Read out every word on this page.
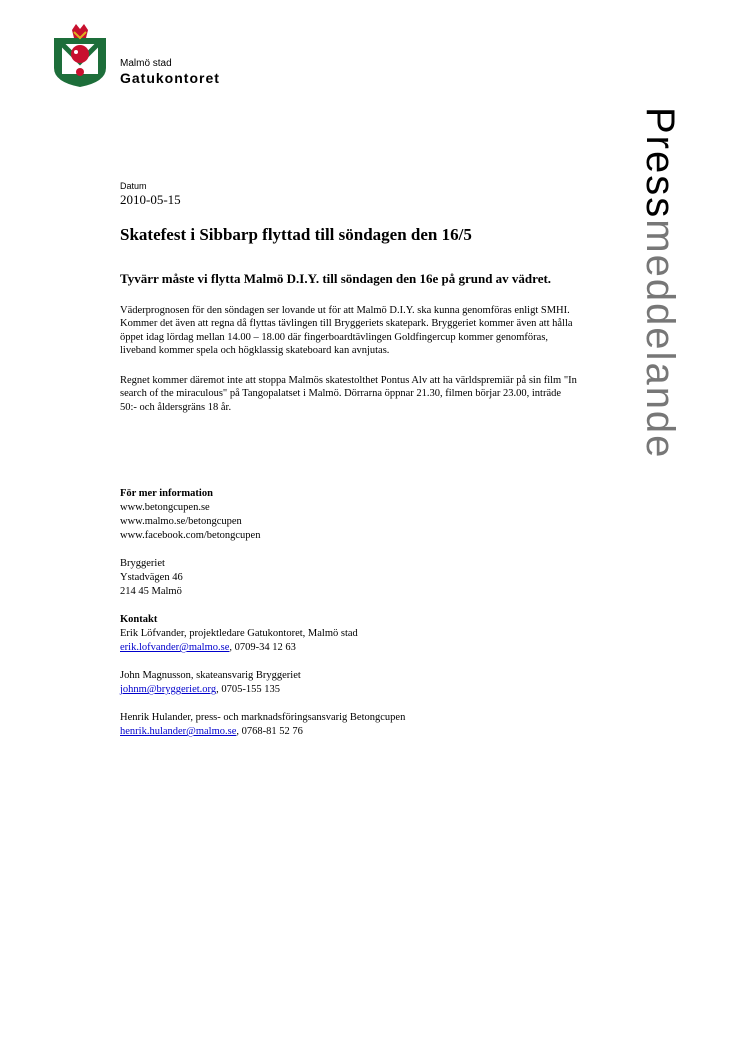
Malmö stad
Gatukontoret
Pressmeddelande
Datum
2010-05-15
Skatefest i Sibbarp flyttad till söndagen den 16/5
Tyvärr måste vi flytta Malmö D.I.Y. till söndagen den 16e på grund av vädret.

Väderprognosen för den söndagen ser lovande ut för att Malmö D.I.Y. ska kunna genomföras enligt SMHI. Kommer det även att regna då flyttas tävlingen till Bryggeriets skatepark. Bryggeriet kommer även att hålla öppet idag lördag mellan 14.00 – 18.00 där fingerboardtävlingen Goldfingercup kommer genomföras, liveband kommer spela och högklassig skateboard kan avnjutas.

Regnet kommer däremot inte att stoppa Malmös skatestolthet Pontus Alv att ha världspremiär på sin film "In search of the miraculous" på Tangopalatset i Malmö. Dörrarna öppnar 21.30, filmen börjar 23.00, inträde 50:- och åldersgräns 18 år.

För mer information
www.betongcupen.se
www.malmo.se/betongcupen
www.facebook.com/betongcupen
Bryggeriet
Ystadvägen 46
214 45 Malmö
Kontakt
Erik Löfvander, projektledare Gatukontoret, Malmö stad
erik.lofvander@malmo.se, 0709-34 12 63
John Magnusson, skateansvarig Bryggeriet
johnm@bryggeriet.org, 0705-155 135
Henrik Hulander, press- och marknadsföringsansvarig Betongcupen
henrik.hulander@malmo.se, 0768-81 52 76
